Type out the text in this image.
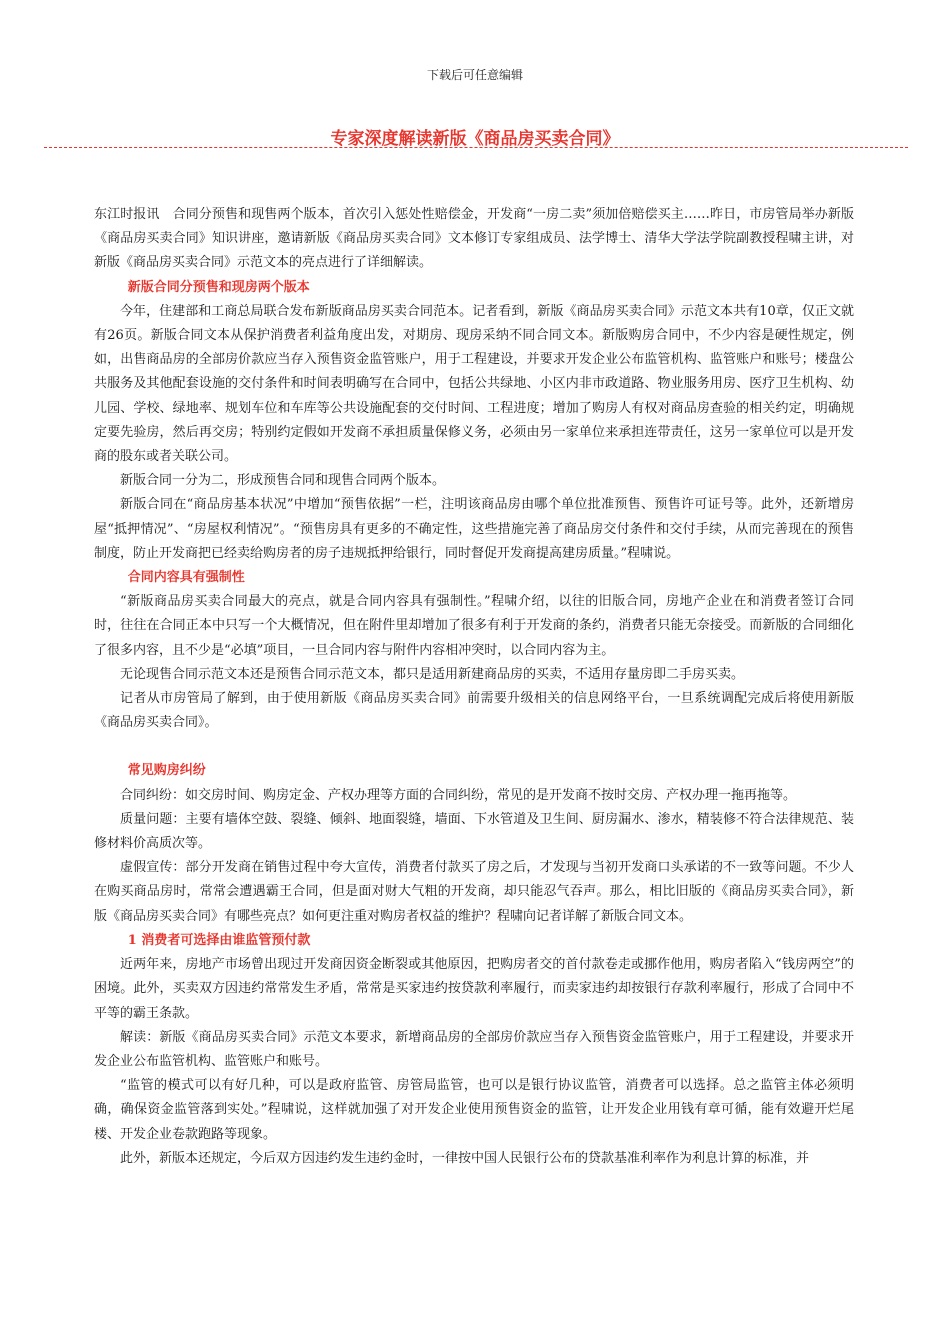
下载后可任意编辑
专家深度解读新版《商品房买卖合同》

东江时报讯　合同分预售和现售两个版本，首次引入惩处性赔偿金，开发商“一房二卖”须加倍赔偿买主……昨日，市房管局举办新版《商品房买卖合同》知识讲座，邀请新版《商品房买卖合同》文本修订专家组成员、法学博士、清华大学法学院副教授程啸主讲，对新版《商品房买卖合同》示范文本的亮点进行了详细解读。

新版合同分预售和现房两个版本

今年，住建部和工商总局联合发布新版商品房买卖合同范本。记者看到，新版《商品房买卖合同》示范文本共有10章，仅正文就有26页。新版合同文本从保护消费者利益角度出发，对期房、现房采纳不同合同文本。新版购房合同中，不少内容是硬性规定，例如，出售商品房的全部房价款应当存入预售资金监管账户，用于工程建设，并要求开发企业公布监管机构、监管账户和账号；楼盘公共服务及其他配套设施的交付条件和时间表明确写在合同中，包括公共绿地、小区内非市政道路、物业服务用房、医疗卫生机构、幼儿园、学校、绿地率、规划车位和车库等公共设施配套的交付时间、工程进度；增加了购房人有权对商品房查验的相关约定，明确规定要先验房，然后再交房；特别约定假如开发商不承担质量保修义务，必须由另一家单位来承担连带责任，这另一家单位可以是开发商的股东或者关联公司。

新版合同一分为二，形成预售合同和现售合同两个版本。

新版合同在“商品房基本状况”中增加“预售依据”一栏，注明该商品房由哪个单位批准预售、预售许可证号等。此外，还新增房屋“抵押情况”、“房屋权利情况”。“预售房具有更多的不确定性，这些措施完善了商品房交付条件和交付手续，从而完善现在的预售制度，防止开发商把已经卖给购房者的房子违规抵押给银行，同时督促开发商提高建房质量。”程啸说。

合同内容具有强制性

“新版商品房买卖合同最大的亮点，就是合同内容具有强制性。”程啸介绍，以往的旧版合同，房地产企业在和消费者签订合同时，往往在合同正本中只写一个大概情况，但在附件里却增加了很多有利于开发商的条约，消费者只能无奈接受。而新版的合同细化了很多内容，且不少是“必填”项目，一旦合同内容与附件内容相冲突时，以合同内容为主。

无论现售合同示范文本还是预售合同示范文本，都只是适用新建商品房的买卖，不适用存量房即二手房买卖。

记者从市房管局了解到，由于使用新版《商品房买卖合同》前需要升级相关的信息网络平台，一旦系统调配完成后将使用新版《商品房买卖合同》。

常见购房纠纷

合同纠纷：如交房时间、购房定金、产权办理等方面的合同纠纷，常见的是开发商不按时交房、产权办理一拖再拖等。

质量问题：主要有墙体空鼓、裂缝、倾斜、地面裂缝，墙面、下水管道及卫生间、厨房漏水、渗水，精装修不符合法律规范、装修材料价高质次等。

虚假宣传：部分开发商在销售过程中夸大宣传，消费者付款买了房之后，才发现与当初开发商口头承诺的不一致等问题。不少人在购买商品房时，常常会遭遇霸王合同，但是面对财大气粗的开发商，却只能忍气吞声。那么，相比旧版的《商品房买卖合同》，新版《商品房买卖合同》有哪些亮点？如何更注重对购房者权益的维护？程啸向记者详解了新版合同文本。

1 消费者可选择由谁监管预付款

近两年来，房地产市场曾出现过开发商因资金断裂或其他原因，把购房者交的首付款卷走或挪作他用，购房者陷入“钱房两空”的困境。此外，买卖双方因违约常常发生矛盾，常常是买家违约按贷款利率履行，而卖家违约却按银行存款利率履行，形成了合同中不平等的霸王条款。

解读：新版《商品房买卖合同》示范文本要求，新增商品房的全部房价款应当存入预售资金监管账户，用于工程建设，并要求开发企业公布监管机构、监管账户和账号。

“监管的模式可以有好几种，可以是政府监管、房管局监管，也可以是银行协议监管，消费者可以选择。总之监管主体必须明确，确保资金监管落到实处。”程啸说，这样就加强了对开发企业使用预售资金的监管，让开发企业用钱有章可循，能有效避开烂尾楼、开发企业卷款跑路等现象。

此外，新版本还规定，今后双方因违约发生违约金时，一律按中国人民银行公布的贷款基准利率作为利息计算的标准，并
